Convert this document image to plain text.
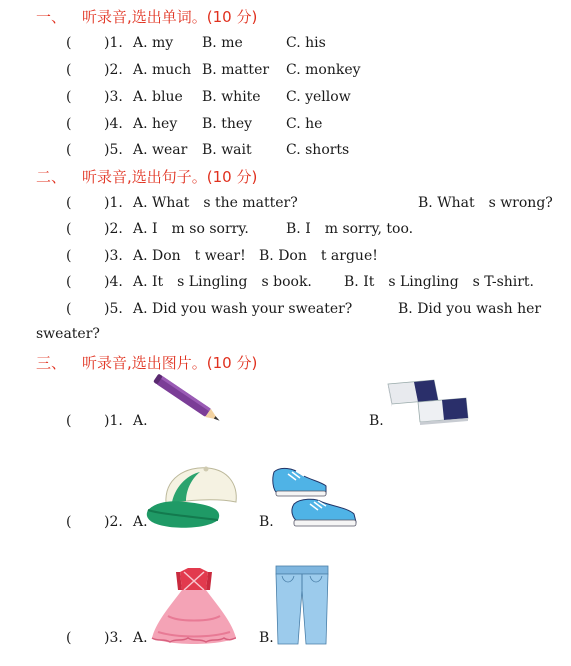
一、 听录音,选出单词。(10 分)
( )1. A. my B. me	C. his
( )2. A. much B. matter C. monkey
( )3. A. blue B. white C. yellow
( )4. A. hey B. they C. he
( )5. A. wear B. wait C. shorts
二、 听录音,选出句子。(10 分)
( )1. A. What　s the matter?	B. What　s wrong?
( )2. A. I　m so sorry.	B. I　m sorry, too.
( )3. A. Don　t wear! B. Don　t argue!
( )4. A. It　s Lingling　s book. B. It　s Lingling　s T-shirt.
( )5. A. Did you wash your sweater?	B. Did you wash her
sweater?
三、 听录音,选出图片。(10 分)
( )1. A.	B.
( )2. A.	B.
( )3. A.	B.
